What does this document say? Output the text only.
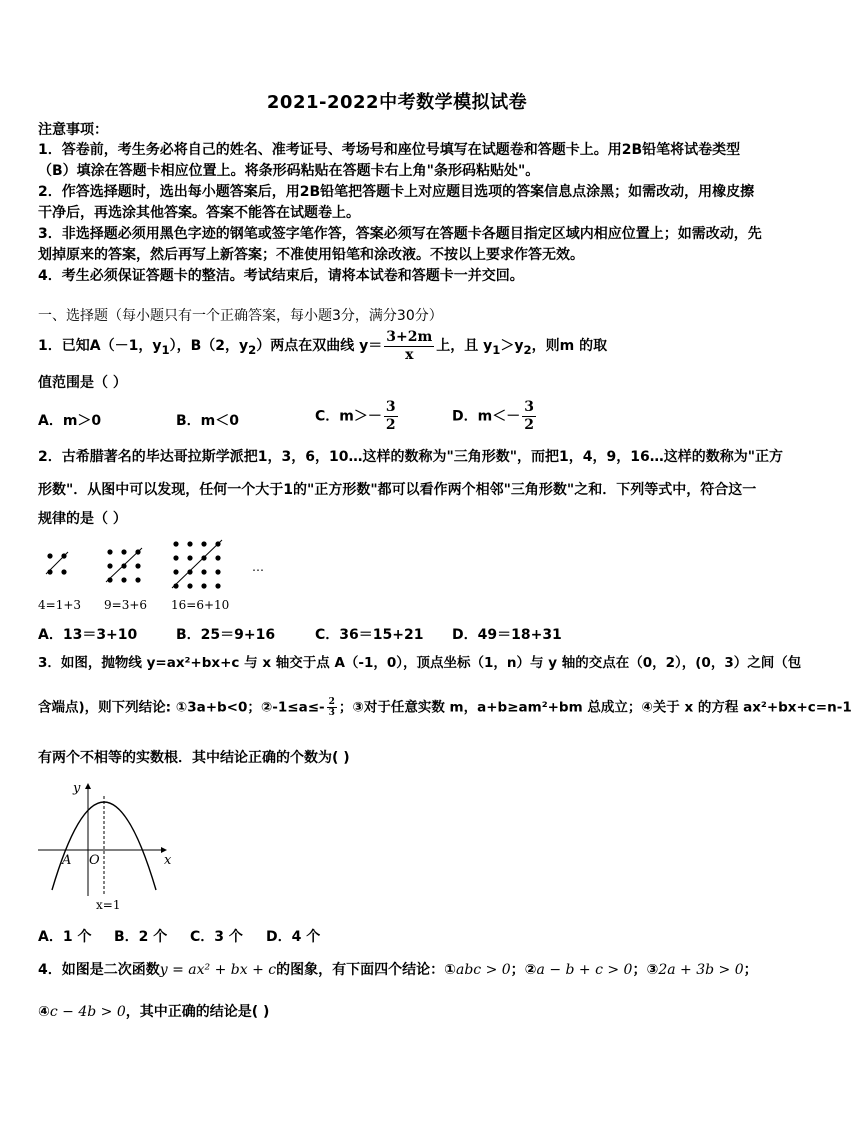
2021-2022中考数学模拟试卷
注意事项：
1．答卷前，考生务必将自己的姓名、准考证号、考场号和座位号填写在试题卷和答题卡上。用2B铅笔将试卷类型
（B）填涂在答题卡相应位置上。将条形码粘贴在答题卡右上角"条形码粘贴处"。
2．作答选择题时，选出每小题答案后，用2B铅笔把答题卡上对应题目选项的答案信息点涂黑；如需改动，用橡皮擦
干净后，再选涂其他答案。答案不能答在试题卷上。
3．非选择题必须用黑色字迹的钢笔或签字笔作答，答案必须写在答题卡各题目指定区域内相应位置上；如需改动，先
划掉原来的答案，然后再写上新答案；不准使用铅笔和涂改液。不按以上要求作答无效。
4．考生必须保证答题卡的整洁。考试结束后，请将本试卷和答题卡一并交回。
一、选择题（每小题只有一个正确答案，每小题3分，满分30分）
1．已知A（－1，$y_1$），B（2，$y_2$）两点在双曲线 $y= \frac{3+2m}{x}$ 上，且 $y_1>y_2$，则m 的取
值范围是（ ）
A．m＞0	B．m＜0	C．$m>- \frac{3}{2}$	D．$m<- \frac{3}{2}$
2．古希腊著名的毕达哥拉斯学派把1，3，6，10…这样的数称为"三角形数"，而把1，4，9，16…这样的数称为"正方
形数"．从图中可以发现，任何一个大于1的"正方形数"都可以看作两个相邻"三角形数"之和．下列等式中，符合这一
规律的是（ ）
…
4=1+3 9=3+6 16=6+10
A．13＝3+10	B．25＝9+16	C．36＝15+21 D．49＝18+31
3．如图，抛物线 y=ax²+bx+c 与 x 轴交于点 A（-1，0），顶点坐标（1，n）与 y 轴的交点在（0，2），(0，3）之间（包
含端点)，则下列结论: ①3a+b<0；②-1≤a≤- $\frac{2}{3}$ ；③对于任意实数 m，a+b≥am²+bm 总成立；④关于 x 的方程 ax²+bx+c=n-1
有两个不相等的实数根．其中结论正确的个数为( )
y
x
A O
x=1
A．1 个 B．2 个 C．3 个 D．4 个
4．如图是二次函数y = ax² + bx + c的图象，有下面四个结论：①abc > 0；②a − b + c > 0；③2a + 3b > 0；
④c − 4b > 0，其中正确的结论是( )
